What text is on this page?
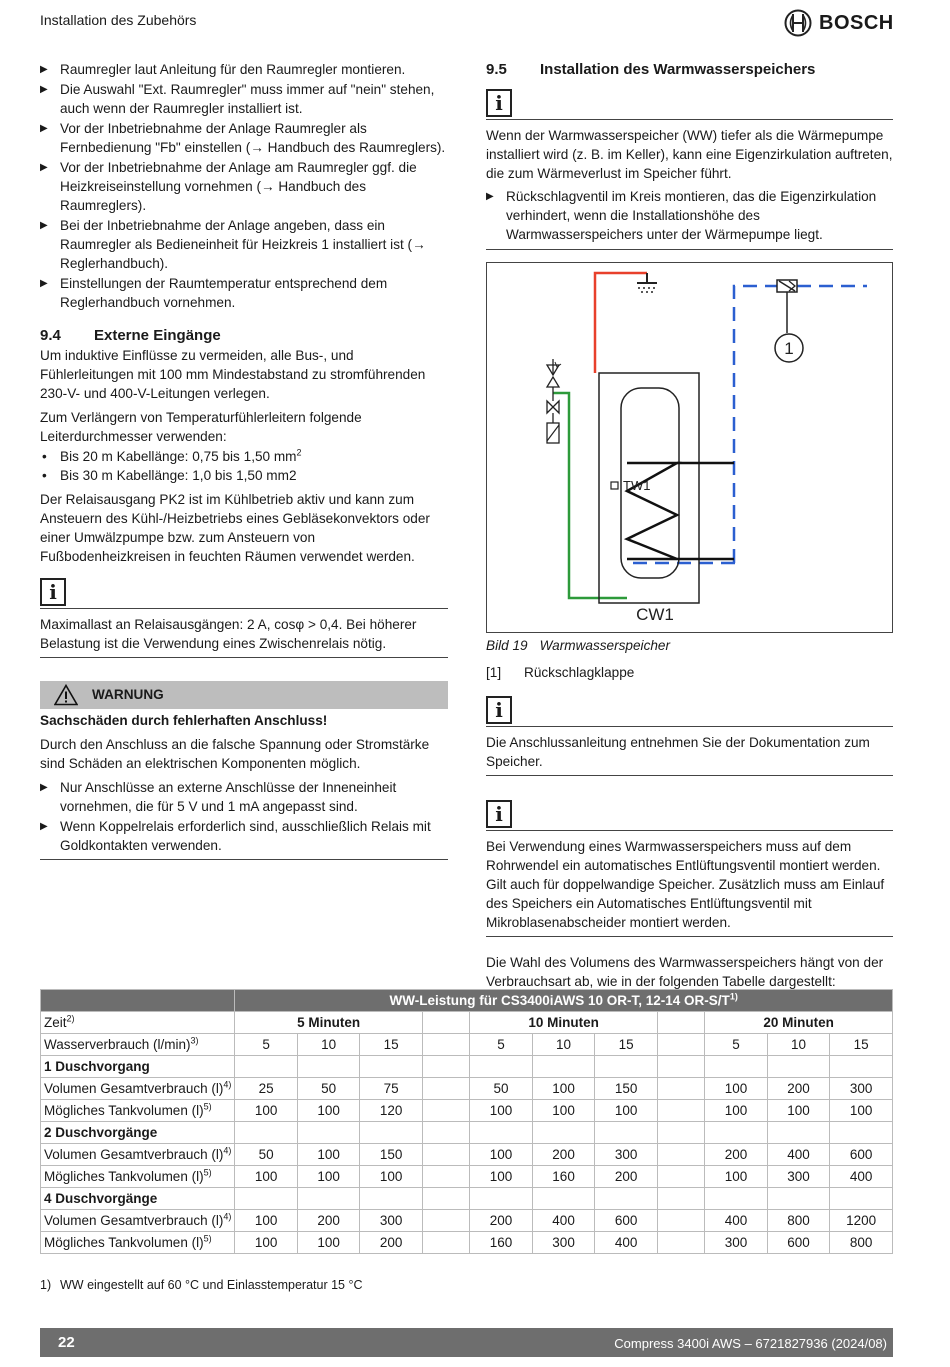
Installation des Zubehörs	BOSCH
▶ Raumregler laut Anleitung für den Raumregler montieren.
▶ Die Auswahl "Ext. Raumregler" muss immer auf "nein" stehen, auch wenn der Raumregler installiert ist.
▶ Vor der Inbetriebnahme der Anlage Raumregler als Fernbedienung "Fb" einstellen (→ Handbuch des Raumreglers).
▶ Vor der Inbetriebnahme der Anlage am Raumregler ggf. die Heizkreiseinstellung vornehmen (→ Handbuch des Raumreglers).
▶ Bei der Inbetriebnahme der Anlage angeben, dass ein Raumregler als Bedieneinheit für Heizkreis 1 installiert ist (→ Reglerhandbuch).
▶ Einstellungen der Raumtemperatur entsprechend dem Reglerhandbuch vornehmen.
9.4 Externe Eingänge

Um induktive Einflüsse zu vermeiden, alle Bus-, und Fühlerleitungen mit 100 mm Mindestabstand zu stromführenden 230-V- und 400-V-Leitungen verlegen.

Zum Verlängern von Temperaturfühlerleitern folgende Leiterdurchmesser verwenden:

• Bis 20 m Kabellänge: 0,75 bis 1,50 $mm^2$
• Bis 30 m Kabellänge: 1,0 bis 1,50 mm2

Der Relaisausgang PK2 ist im Kühlbetrieb aktiv und kann zum Ansteuern des Kühl-/Heizbetriebs eines Gebläsekonvektors oder einer Umwälzpumpe bzw. zum Ansteuern von Fußbodenheizkreisen in feuchten Räumen verwendet werden.

i
Maximallast an Relaisausgängen: 2 A, cosφ > 0,4. Bei höherer Belastung ist die Verwendung eines Zwischenrelais nötig.
WARNUNG
Sachschäden durch fehlerhaften Anschluss!

Durch den Anschluss an die falsche Spannung oder Stromstärke sind Schäden an elektrischen Komponenten möglich.

▶ Nur Anschlüsse an externe Anschlüsse der Inneneinheit vornehmen, die für 5 V und 1 mA angepasst sind.
▶ Wenn Koppelrelais erforderlich sind, ausschließlich Relais mit Goldkontakten verwenden.
9.5 Installation des Warmwasserspeichers
i
Wenn der Warmwasserspeicher (WW) tiefer als die Wärmepumpe installiert wird (z. B. im Keller), kann eine Eigenzirkulation auftreten, die zum Wärmeverlust im Speicher führt.
▶ Rückschlagventil im Kreis montieren, das die Eigenzirkulation verhindert, wenn die Installationshöhe des Warmwasserspeichers unter der Wärmepumpe liegt.
1
TW1
CW1
Bild 19 Warmwasserspeicher
[1] Rückschlagklappe
i
Die Anschlussanleitung entnehmen Sie der Dokumentation zum Speicher.
i
Bei Verwendung eines Warmwasserspeichers muss auf dem Rohrwendel ein automatisches Entlüftungsventil montiert werden. Gilt auch für doppelwandige Speicher. Zusätzlich muss am Einlauf des Speichers ein Automatisches Entlüftungsventil mit Mikroblasenabscheider montiert werden.

Die Wahl des Volumens des Warmwasserspeichers hängt von der Verbrauchsart ab, wie in der folgenden Tabelle dargestellt:

	WW-Leistung für CS3400iAWS 10 OR-T, 12-14 $OR-S/T^{1)}$
Zeit$^{2)}$	5 Minuten				10 Minuten				20 Minuten		
Wasserverbrauch $(l/\min)^{3)}$	5	10	15		5	10	15		5	10	15
1 Duschvorgang											
Volumen Gesamtverbrauch $(l)^{4)}$	25	50	75		50	100	150		100	200	300
Mögliches Tankvolumen $(l)^{5)}$	100	100	120		100	100	100		100	100	100
2 Duschvorgänge											
Volumen Gesamtverbrauch $(l)^{4)}$	50	100	150		100	200	300		200	400	600
Mögliches Tankvolumen $(l)^{5)}$	100	100	100		100	160	200		100	300	400
4 Duschvorgänge											
Volumen Gesamtverbrauch $(l)^{4)}$	100	200	300		200	400	600		400	800	1200
Mögliches Tankvolumen $(l)^{5)}$	100	100	200		160	300	400		300	600	800
1) WW eingestellt auf 60 °C und Einlasstemperatur 15 °C
22	Compress 3400i AWS – 6721827936 (2024/08)
